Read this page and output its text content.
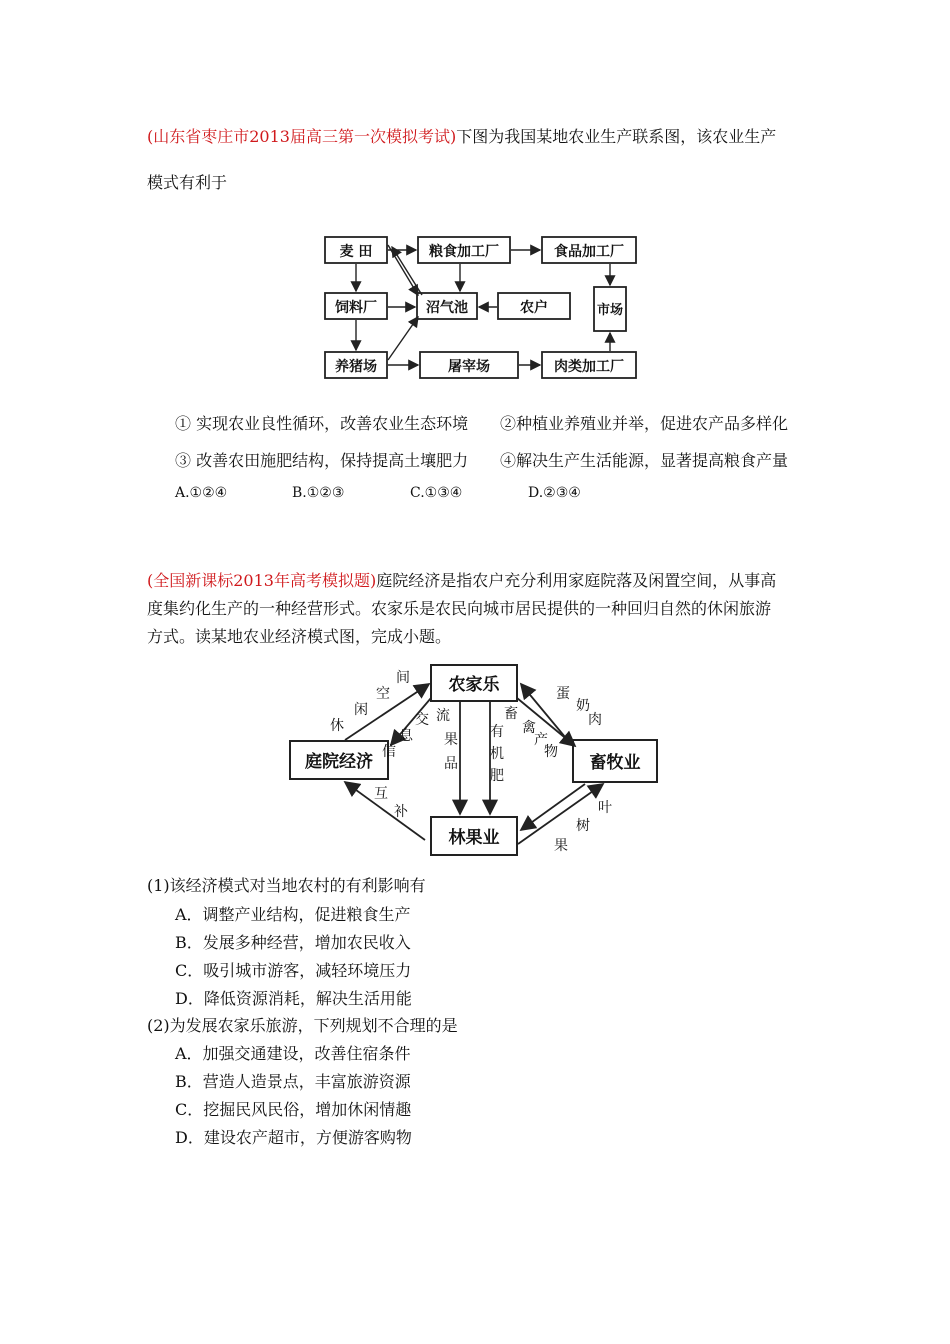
(山东省枣庄市2013届高三第一次模拟考试)下图为我国某地农业生产联系图，该农业生产
模式有利于
麦 田	粮食加工厂	食品加工厂
饲料厂	沼气池	农户	市场
养猪场	屠宰场	肉类加工厂
① 实现农业良性循环，改善农业生态环境 ②种植业养殖业并举，促进农产品多样化
③ 改善农田施肥结构，保持提高土壤肥力 ④解决生产生活能源，显著提高粮食产量
A.①②④	B.①②③	C.①③④	D.②③④
(全国新课标2013年高考模拟题)庭院经济是指农户充分利用家庭院落及闲置空间，从事高
度集约化生产的一种经营形式。农家乐是农民向城市居民提供的一种回归自然的休闲旅游
方式。读某地农业经济模式图，完成小题。
农家乐
庭院经济	畜牧业
林果业
休
闲
空
间
信
息
交 流
果
品
有
机
肥
畜
禽
产
物
蛋
奶
肉
互
补	叶
树
果
(1)该经济模式对当地农村的有利影响有
A．调整产业结构，促进粮食生产
B．发展多种经营，增加农民收入
C．吸引城市游客，减轻环境压力
D．降低资源消耗，解决生活用能
(2)为发展农家乐旅游，下列规划不合理的是
A．加强交通建设，改善住宿条件
B．营造人造景点，丰富旅游资源
C．挖掘民风民俗，增加休闲情趣
D．建设农产超市，方便游客购物
